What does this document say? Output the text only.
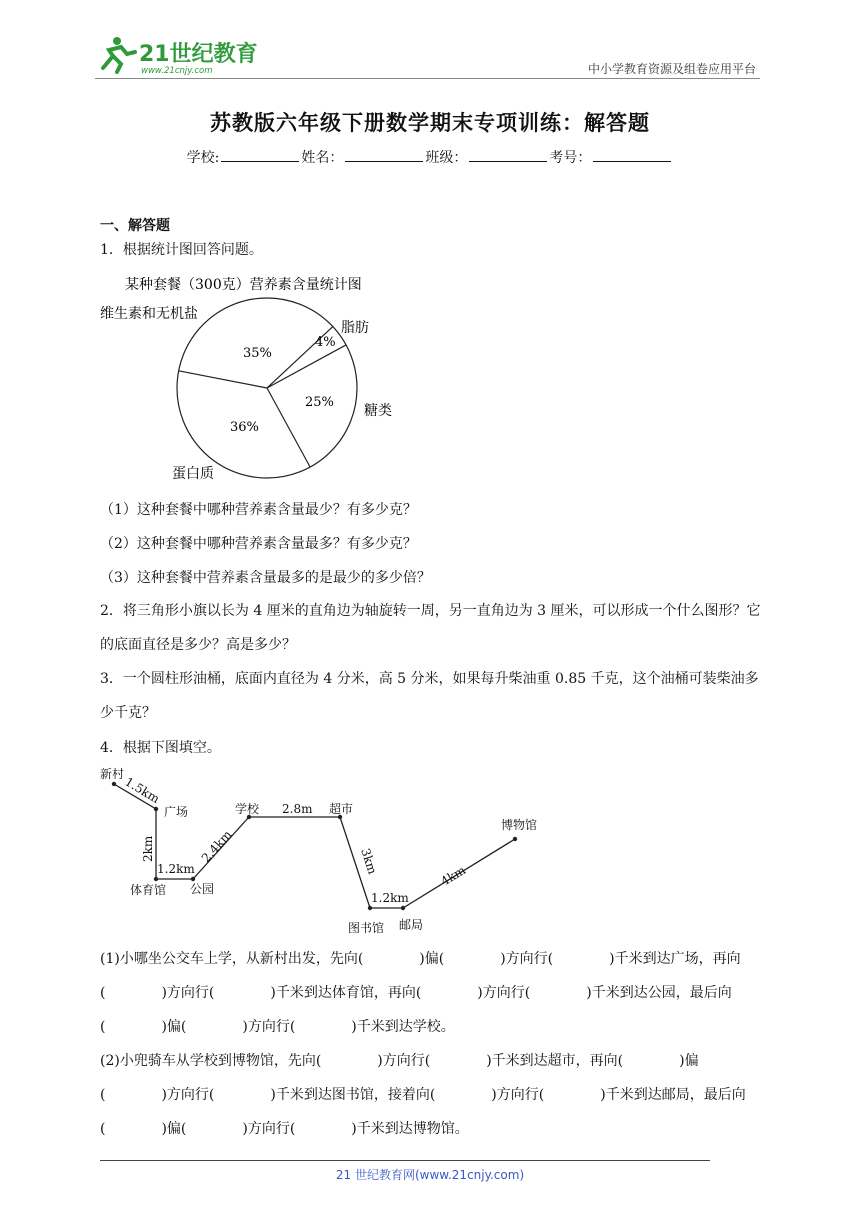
21世纪教育
www.21cnjy.com	中小学教育资源及组卷应用平台
苏教版六年级下册数学期末专项训练：解答题
学校:	姓名：	班级：	考号：
一、解答题
1．根据统计图回答问题。
某种套餐（300克）营养素含量统计图
维生素和无机盐
脂肪
糖类
蛋白质
35%
4%
25%
36%
（1）这种套餐中哪种营养素含量最少？有多少克？
（2）这种套餐中哪种营养素含量最多？有多少克？
（3）这种套餐中营养素含量最多的是最少的多少倍？
2．将三角形小旗以长为 4 厘米的直角边为轴旋转一周，另一直角边为 3 厘米，可以形成一个什么图形？它的底面直径是多少？高是多少？
3．一个圆柱形油桶，底面内直径为 4 分米，高 5 分米，如果每升柴油重 0.85 千克，这个油桶可装柴油多少千克？
4．根据下图填空。
新村
广场
体育馆 公园
学校	超市
图书馆 邮局
博物馆
1.5km
2km
1.2km
2.4km
2.8m
3km
1.2km
4km
(1)小哪坐公交车上学，从新村出发，先向(　　　　)偏(　　　　)方向行(　　　　)千米到达广场，再向(　　　　)方向行(　　　　)千米到达体育馆，再向(　　　　)方向行(　　　　)千米到达公园，最后向(　　　　)偏(　　　　)方向行(　　　　)千米到达学校。
(2)小兜骑车从学校到博物馆，先向(　　　　)方向行(　　　　)千米到达超市，再向(　　　　)偏(　　　　)方向行(　　　　)千米到达图书馆，接着向(　　　　)方向行(　　　　)千米到达邮局，最后向(　　　　)偏(　　　　)方向行(　　　　)千米到达博物馆。
21 世纪教育网(www.21cnjy.com)
